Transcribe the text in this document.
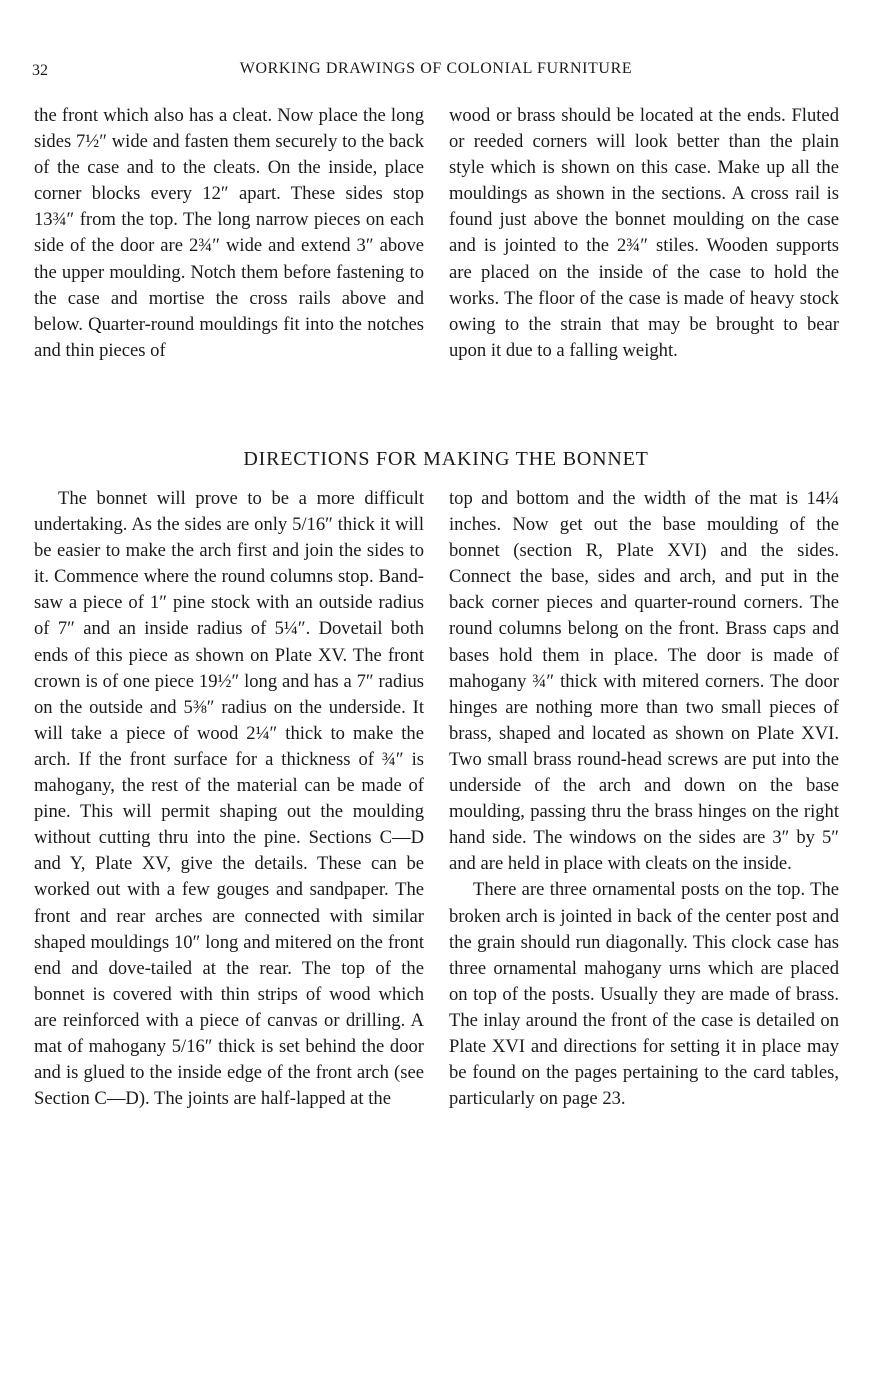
32	WORKING DRAWINGS OF COLONIAL FURNITURE

the front which also has a cleat. Now place the long sides 7½″ wide and fasten them securely to the back of the case and to the cleats. On the inside, place corner blocks every 12″ apart. These sides stop 13¾″ from the top. The long narrow pieces on each side of the door are 2¾″ wide and extend 3″ above the upper moulding. Notch them before fastening to the case and mortise the cross rails above and below. Quarter-round mouldings fit into the notches and thin pieces of

wood or brass should be located at the ends. Fluted or reeded corners will look better than the plain style which is shown on this case. Make up all the mouldings as shown in the sections. A cross rail is found just above the bonnet moulding on the case and is jointed to the 2¾″ stiles. Wooden supports are placed on the inside of the case to hold the works. The floor of the case is made of heavy stock owing to the strain that may be brought to bear upon it due to a falling weight.

DIRECTIONS FOR MAKING THE BONNET

The bonnet will prove to be a more difficult undertaking. As the sides are only 5/16″ thick it will be easier to make the arch first and join the sides to it. Commence where the round columns stop. Band-saw a piece of 1″ pine stock with an outside radius of 7″ and an inside radius of 5¼″. Dovetail both ends of this piece as shown on Plate XV. The front crown is of one piece 19½″ long and has a 7″ radius on the outside and 5⅜″ radius on the underside. It will take a piece of wood 2¼″ thick to make the arch. If the front surface for a thickness of ¾″ is mahogany, the rest of the material can be made of pine. This will permit shaping out the moulding without cutting thru into the pine. Sections C—D and Y, Plate XV, give the details. These can be worked out with a few gouges and sandpaper. The front and rear arches are connected with similar shaped mouldings 10″ long and mitered on the front end and dove-tailed at the rear. The top of the bonnet is covered with thin strips of wood which are reinforced with a piece of canvas or drilling. A mat of mahogany 5/16″ thick is set behind the door and is glued to the inside edge of the front arch (see Section C—D). The joints are half-lapped at the

top and bottom and the width of the mat is 14¼ inches. Now get out the base moulding of the bonnet (section R, Plate XVI) and the sides. Connect the base, sides and arch, and put in the back corner pieces and quarter-round corners. The round columns belong on the front. Brass caps and bases hold them in place. The door is made of mahogany ¾″ thick with mitered corners. The door hinges are nothing more than two small pieces of brass, shaped and located as shown on Plate XVI. Two small brass round-head screws are put into the underside of the arch and down on the base moulding, passing thru the brass hinges on the right hand side. The windows on the sides are 3″ by 5″ and are held in place with cleats on the inside.

There are three ornamental posts on the top. The broken arch is jointed in back of the center post and the grain should run diagonally. This clock case has three ornamental mahogany urns which are placed on top of the posts. Usually they are made of brass. The inlay around the front of the case is detailed on Plate XVI and directions for setting it in place may be found on the pages pertaining to the card tables, particularly on page 23.
